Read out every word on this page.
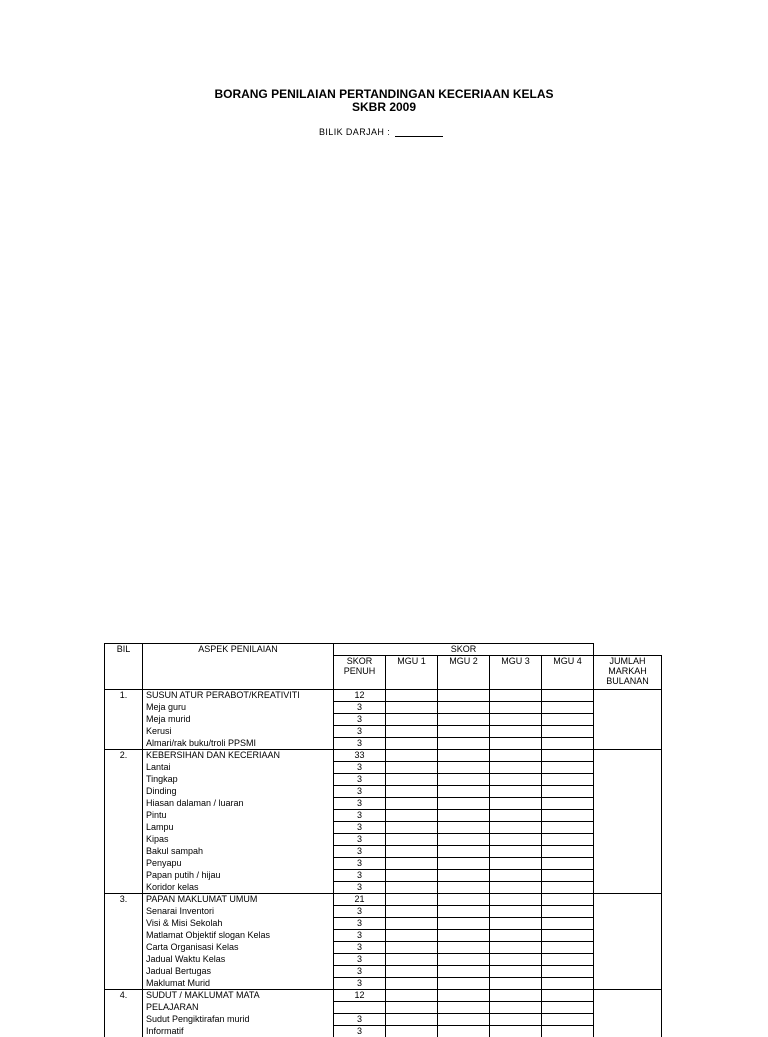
BORANG PENILAIAN PERTANDINGAN KECERIAAN KELAS
SKBR 2009
BILIK DARJAH :
BIL	ASPEK PENILAIAN	SKOR					
		SKOR PENUH	MGU 1	MGU 2	MGU 3	MGU 4	JUMLAH MARKAH BULANAN
1.	SUSUN ATUR PERABOT/KREATIVITI	12					
	Meja guru	3					
	Meja murid	3					
	Kerusi	3					
	Almari/rak buku/troli PPSMI	3					
2.	KEBERSIHAN DAN KECERIAAN	33					
	Lantai	3					
	Tingkap	3					
	Dinding	3					
	Hiasan dalaman / luaran	3					
	Pintu	3					
	Lampu	3					
	Kipas	3					
	Bakul sampah	3					
	Penyapu	3					
	Papan putih / hijau	3					
	Koridor kelas	3					
3.	PAPAN MAKLUMAT UMUM	21					
	Senarai Inventori	3					
	Visi & Misi Sekolah	3					
	Matlamat Objektif slogan Kelas	3					
	Carta Organisasi Kelas	3					
	Jadual Waktu Kelas	3					
	Jadual Bertugas	3					
	Maklumat Murid	3					
4.	SUDUT / MAKLUMAT MATA	12					
	PELAJARAN						
	Sudut Pengiktirafan murid	3					
	Informatif	3					
